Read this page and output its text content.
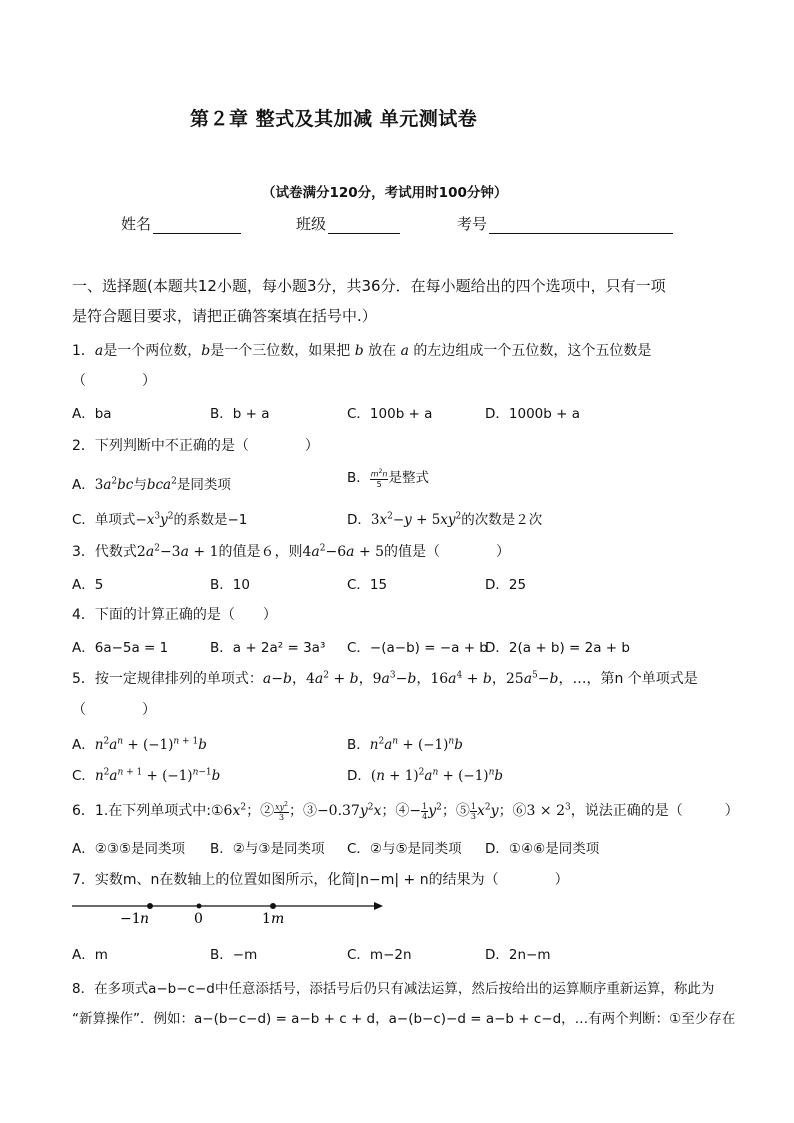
第２章 整式及其加减 单元测试卷
（试卷满分120分，考试用时100分钟）
姓名	班级	考号
一、选择题(本题共12小题，每小题3分，共36分．在每小题给出的四个选项中，只有一项
是符合题目要求，请把正确答案填在括号中.）
1．a是一个两位数，b是一个三位数，如果把 b 放在 a 的左边组成一个五位数，这个五位数是
（　　　　）
A．ba	B．b + a	C．100b + a	D．1000b + a
2．下列判断中不正确的是（　　　　）
A．$3a^2bc$与bca$^2$是同类项	B． $\frac{m^2n}{5}$ 是整式
C．单项式$-x^3y^2$的系数是−1	D．$3x^2-y + 5xy^2$的次数是２次
3．代数式$2a^2-3a + 1$的值是６，则$4a^2-6a + 5$的值是（　　　　）
A．5	B．10	C．15	D．25
4．下面的计算正确的是（　　）
A．6a−5a = 1	B．a + 2a² = 3a³ C．−(a−b) = −a + b
D．2(a + b) = 2a + b
5．按一定规律排列的单项式：a−b，$4a^2 + b$，$9a^3-b$，$16a^4 + b$，$25a^5-b$，…，第n 个单项式是
（　　　　）
A．$n^2a^n + (-1)^{n + 1}b$	B．$n^2a^n + (-1)^nb$
C．$n^2a^{n + 1} + (-1)^{n-1}b$	D．$(n + 1)^2a^n + (-1)^nb$
6．1.在下列单项式中$:①6x^2$；② $\frac{xy^2}{3}$ ；$③-0.37y^2x$；④− $\frac{1}{4} y^2$；⑤ $\frac{1}{3} x^2y$；⑥3 × $2^3$，说法正确的是（　　　）
A．②③⑤是同类项 B．②与③是同类项 C．②与⑤是同类项 D．①④⑥是同类项
7．实数m、n在数轴上的位置如图所示，化简|n−m| + n的结果为（　　　　）
−1 n	0	1 m
A．m	B．−m	C．m−2n	D．2n−m
8．在多项式a−b−c−d中任意添括号，添括号后仍只有减法运算，然后按给出的运算顺序重新运算，称此为
“新算操作”．例如：a−(b−c−d) = a−b + c + d，a−(b−c)−d = a−b + c−d，…有两个判断：①至少存在
